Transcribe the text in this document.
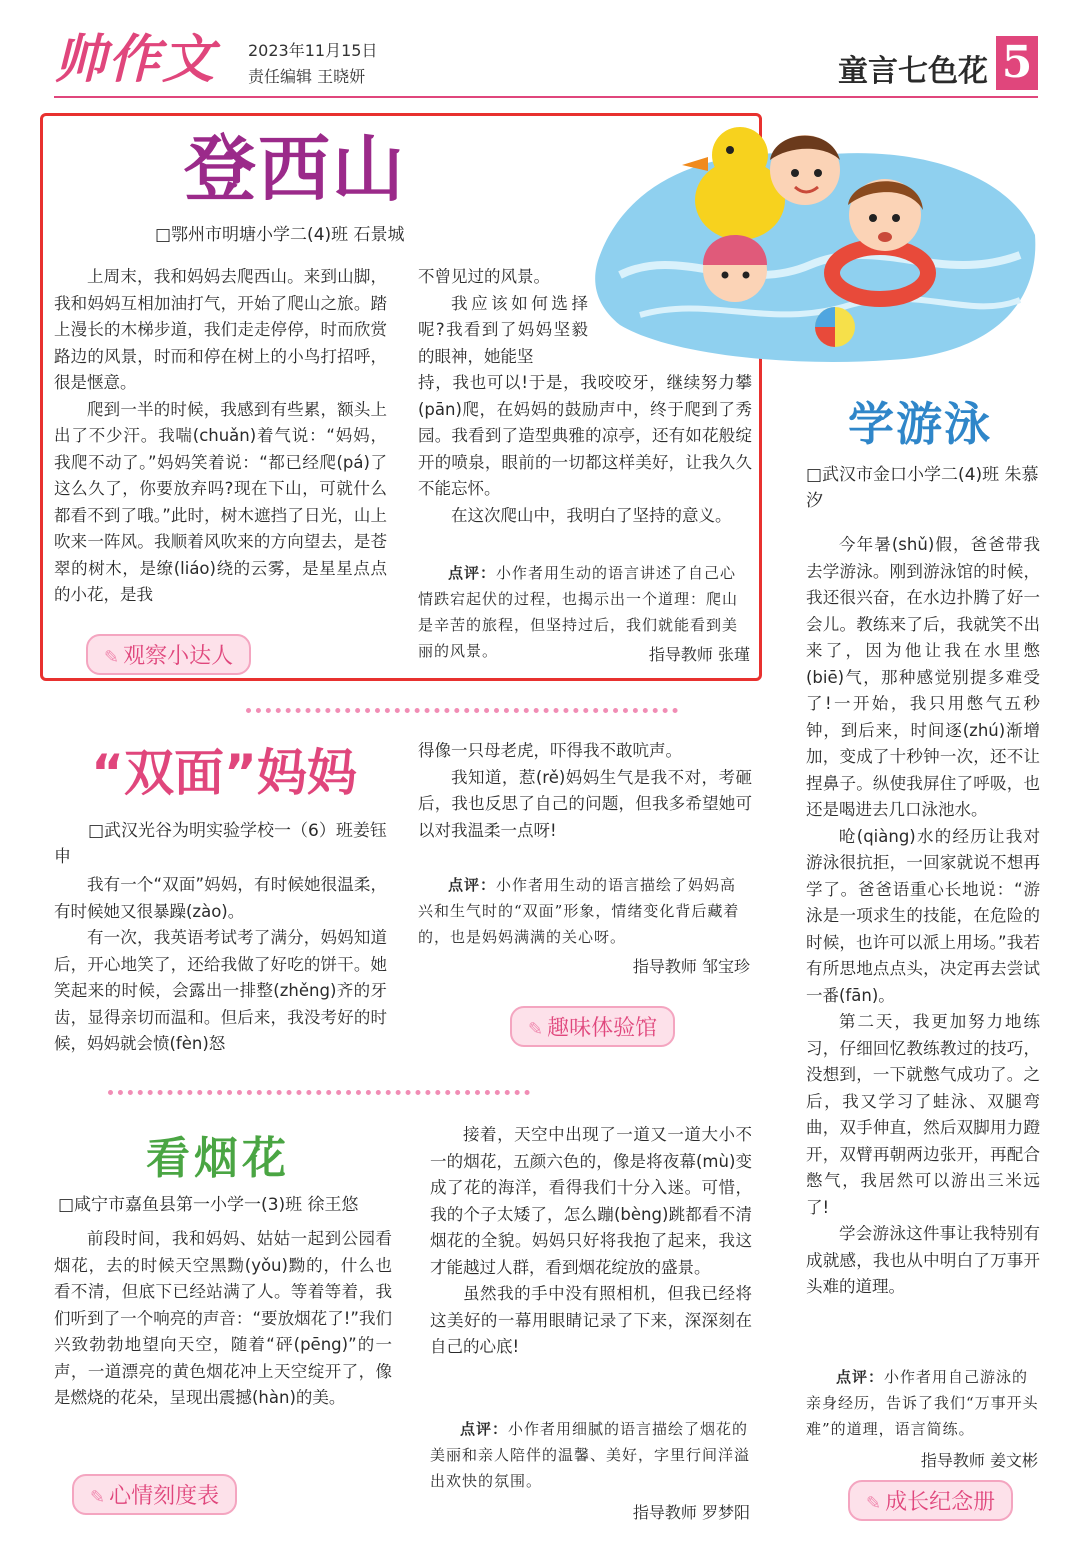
帅作文 2023年11月15日
责任编辑 王晓妍	童言七色花 5
登西山
□鄂州市明塘小学二(4)班 石景城

上周末，我和妈妈去爬西山。来到山脚，我和妈妈互相加油打气，开始了爬山之旅。踏上漫长的木梯步道，我们走走停停，时而欣赏路边的风景，时而和停在树上的小鸟打招呼，很是惬意。

爬到一半的时候，我感到有些累，额头上出了不少汗。我喘(chuǎn)着气说：“妈妈，我爬不动了。”妈妈笑着说：“都已经爬(pá)了这么久了，你要放弃吗?现在下山，可就什么都看不到了哦。”此时，树木遮挡了日光，山上吹来一阵风。我顺着风吹来的方向望去，是苍翠的树木，是缭(liáo)绕的云雾，是星星点点的小花，是我

不曾见过的风景。

我应该如何选择呢?我看到了妈妈坚毅的眼神，她能坚

持，我也可以!于是，我咬咬牙，继续努力攀(pān)爬，在妈妈的鼓励声中，终于爬到了秀园。我看到了造型典雅的凉亭，还有如花般绽开的喷泉，眼前的一切都这样美好，让我久久不能忘怀。

在这次爬山中，我明白了坚持的意义。

点评：小作者用生动的语言讲述了自己心情跌宕起伏的过程，也揭示出一个道理：爬山是辛苦的旅程，但坚持过后，我们就能看到美丽的风景。	指导教师 张瑾
✎ 观察小达人
学游泳
□武汉市金口小学二(4)班 朱慕汐

今年暑(shǔ)假，爸爸带我去学游泳。刚到游泳馆的时候，我还很兴奋，在水边扑腾了好一会儿。教练来了后，我就笑不出来了，因为他让我在水里憋(biē)气，那种感觉别提多难受了!一开始，我只用憋气五秒钟，到后来，时间逐(zhú)渐增加，变成了十秒钟一次，还不让捏鼻子。纵使我屏住了呼吸，也还是喝进去几口泳池水。

呛(qiàng)水的经历让我对游泳很抗拒，一回家就说不想再学了。爸爸语重心长地说：“游泳是一项求生的技能，在危险的时候，也许可以派上用场。”我若有所思地点点头，决定再去尝试一番(fān)。

第二天，我更加努力地练习，仔细回忆教练教过的技巧，没想到，一下就憋气成功了。之后，我又学习了蛙泳、双腿弯曲，双手伸直，然后双脚用力蹬开，双臂再朝两边张开，再配合憋气，我居然可以游出三米远了!

学会游泳这件事让我特别有成就感，我也从中明白了万事开头难的道理。

点评：小作者用自己游泳的亲身经历，告诉了我们“万事开头难”的道理，语言简练。
指导教师 姜文彬
✎ 成长纪念册
“双面”妈妈
□武汉光谷为明实验学校一（6）班姜钰申

我有一个“双面”妈妈，有时候她很温柔，有时候她又很暴躁(zào)。

有一次，我英语考试考了满分，妈妈知道后，开心地笑了，还给我做了好吃的饼干。她笑起来的时候，会露出一排整(zhěng)齐的牙齿，显得亲切而温和。但后来，我没考好的时候，妈妈就会愤(fèn)怒

得像一只母老虎，吓得我不敢吭声。

我知道，惹(rě)妈妈生气是我不对，考砸后，我也反思了自己的问题，但我多希望她可以对我温柔一点呀!

点评：小作者用生动的语言描绘了妈妈高兴和生气时的“双面”形象，情绪变化背后藏着的，也是妈妈满满的关心呀。
指导教师 邹宝珍
✎ 趣味体验馆
看烟花
□咸宁市嘉鱼县第一小学一(3)班 徐王悠

前段时间，我和妈妈、姑姑一起到公园看烟花，去的时候天空黑黝(yǒu)黝的，什么也看不清，但底下已经站满了人。等着等着，我们听到了一个响亮的声音：“要放烟花了!”我们兴致勃勃地望向天空，随着“砰(pēng)”的一声，一道漂亮的黄色烟花冲上天空绽开了，像是燃烧的花朵，呈现出震撼(hàn)的美。

接着，天空中出现了一道又一道大小不一的烟花，五颜六色的，像是将夜幕(mù)变成了花的海洋，看得我们十分入迷。可惜，我的个子太矮了，怎么蹦(bèng)跳都看不清烟花的全貌。妈妈只好将我抱了起来，我这才能越过人群，看到烟花绽放的盛景。

虽然我的手中没有照相机，但我已经将这美好的一幕用眼睛记录了下来，深深刻在自己的心底!

点评：小作者用细腻的语言描绘了烟花的美丽和亲人陪伴的温馨、美好，字里行间洋溢出欢快的氛围。
指导教师 罗梦阳
✎ 心情刻度表
